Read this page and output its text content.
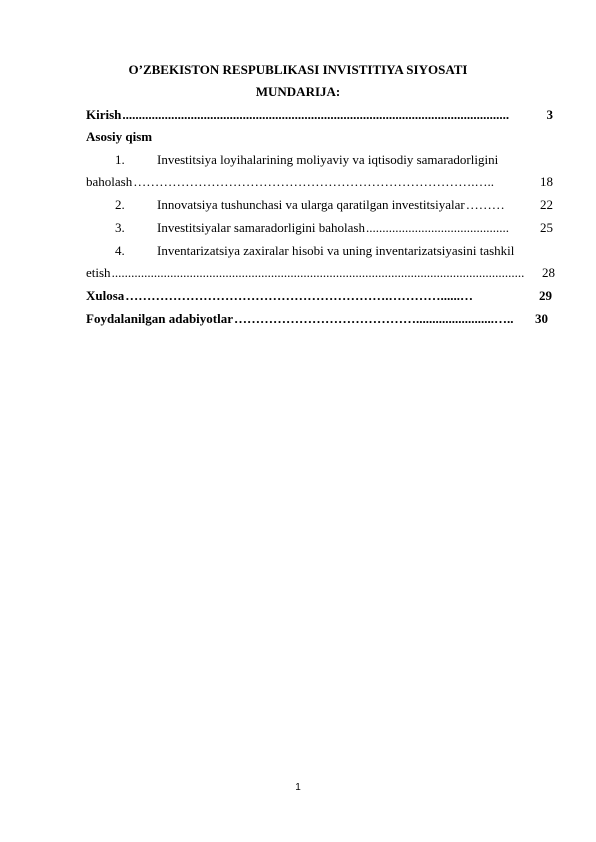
O’ZBEKISTON RESPUBLIKASI INVISTITIYA SIYOSATI
MUNDARIJA:
Kirish .......................................................................................................................	3
Asosiy qism
1. Investitsiya loyihalarining moliyaviy va iqtisodiy samaradorligini
baholash …………………………………………………………………….…..	18
2. Innovatsiya tushunchasi va ularga qaratilgan investitsiyalar ………	22
3. Investitsiyalar samaradorligini baholash ............................................	25
4. Inventarizatsiya zaxiralar hisobi va uning inventarizatsiyasini tashkil
etish ...............................................................................................................................	28
Xulosa …………………………………………………….…………......…	29
Foydalanilgan adabiyotlar ……………………………………........................…..	30
1
